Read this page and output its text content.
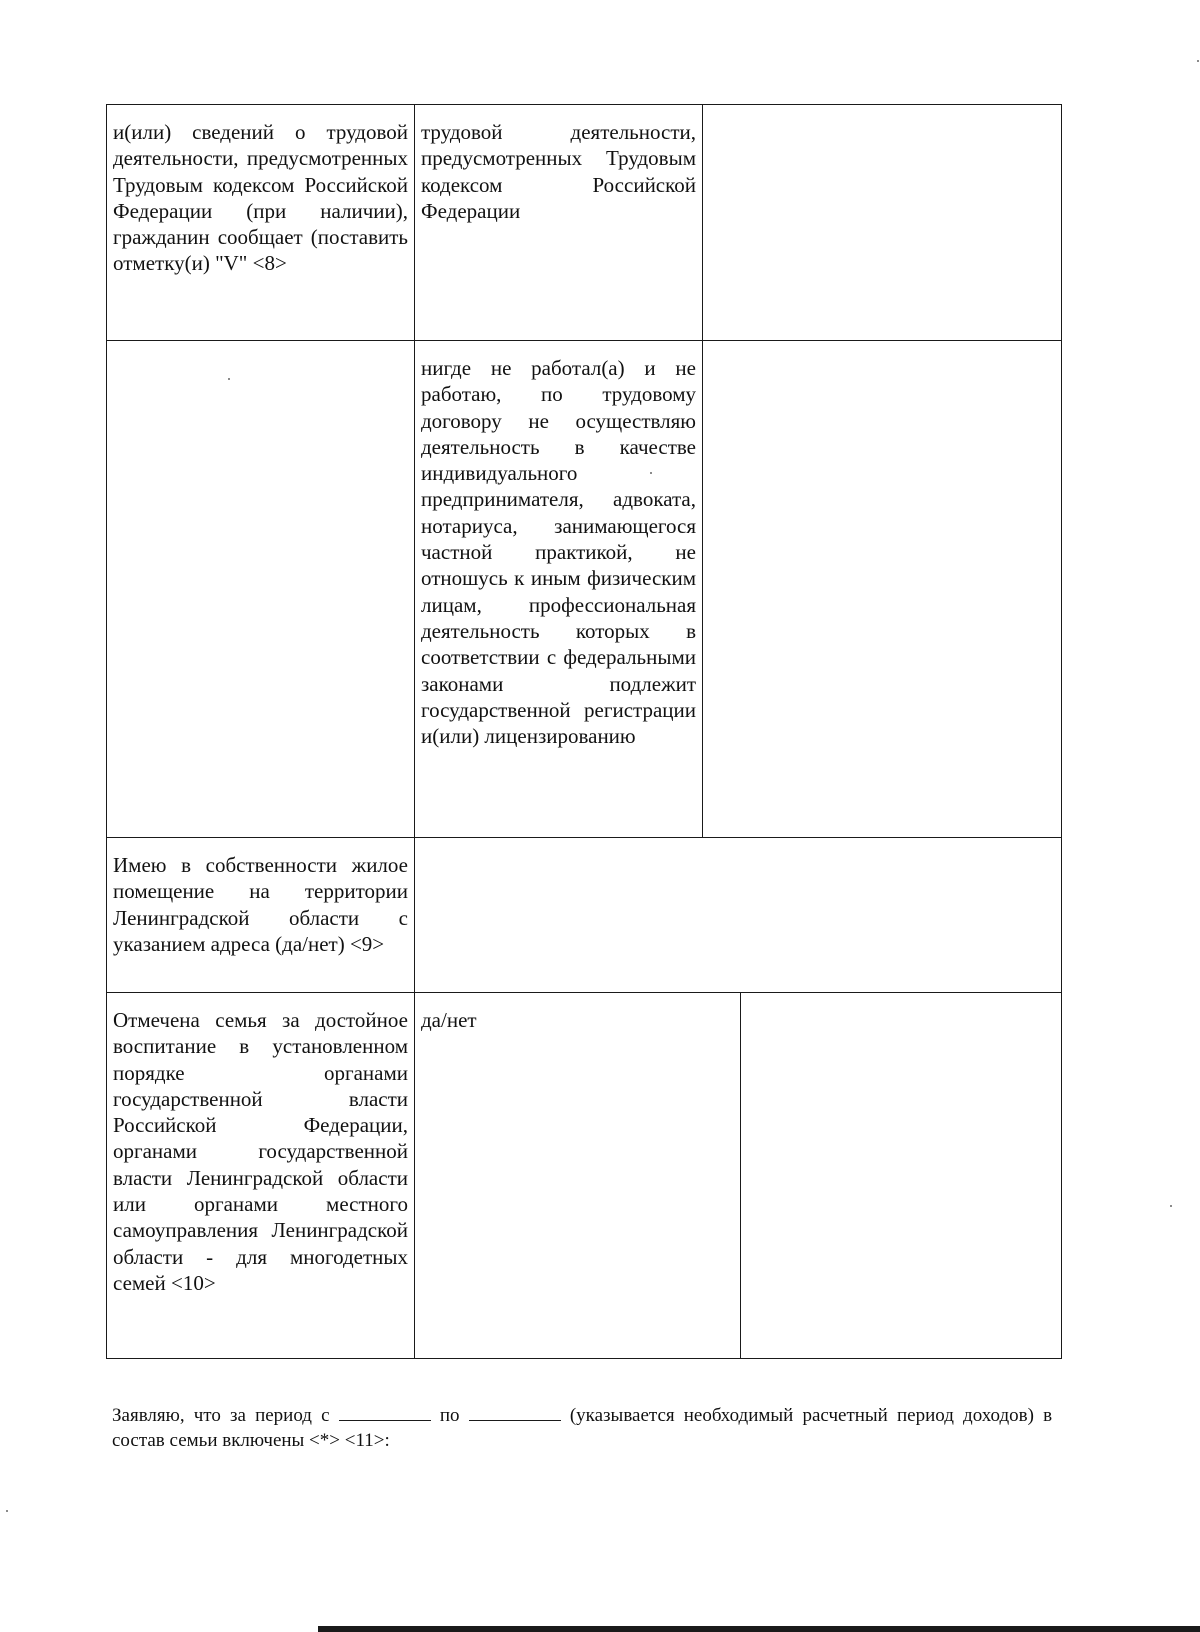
и(или) сведений о трудовой деятельности, предусмотренных Трудовым кодексом Российской Федерации (при наличии), гражданин сообщает (поставить отметку(и) "V" <8>	трудовой деятельности, предусмотренных Трудовым кодексом Российской Федерации		
	нигде не работал(а) и не работаю, по трудовому договору не осуществляю деятельность в качестве индивидуального предпринимателя, адвоката, нотариуса, занимающегося частной практикой, не отношусь к иным физическим лицам, профессиональная деятельность которых в соответствии с федеральными законами подлежит государственной регистрации и(или) лицензированию		
Имею в собственности жилое помещение на территории Ленинградской области с указанием адреса (да/нет) <9>			
Отмечена семья за достойное воспитание в установленном порядке органами государственной власти Российской Федерации, органами государственной власти Ленинградской области или органами местного самоуправления Ленинградской области - для многодетных семей <10>	да/нет		
Заявляю, что за период с	по	(указывается необходимый расчетный период доходов) в состав семьи включены <*> <11>:
